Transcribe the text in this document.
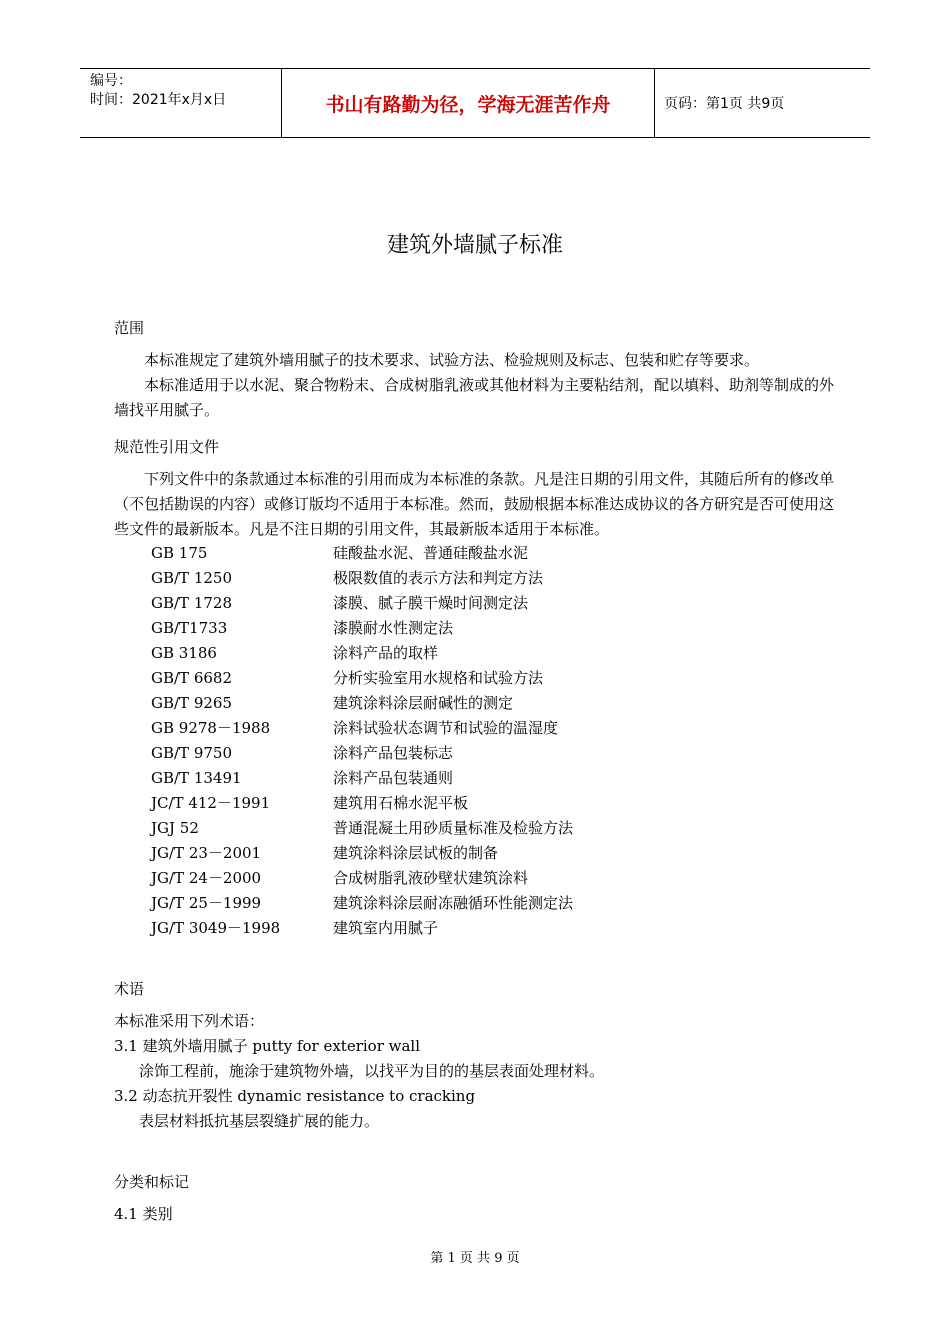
编号：
时间：2021年x月x日	书山有路勤为径，学海无涯苦作舟	页码：第1页 共9页
建筑外墙腻子标准
范围
本标准规定了建筑外墙用腻子的技术要求、试验方法、检验规则及标志、包装和贮存等要求。
本标准适用于以水泥、聚合物粉末、合成树脂乳液或其他材料为主要粘结剂，配以填料、助剂等制成的外墙找平用腻子。
规范性引用文件
下列文件中的条款通过本标准的引用而成为本标准的条款。凡是注日期的引用文件，其随后所有的修改单（不包括勘误的内容）或修订版均不适用于本标准。然而，鼓励根据本标准达成协议的各方研究是否可使用这些文件的最新版本。凡是不注日期的引用文件，其最新版本适用于本标准。
GB 175	硅酸盐水泥、普通硅酸盐水泥
GB/T 1250	极限数值的表示方法和判定方法
GB/T 1728	漆膜、腻子膜干燥时间测定法
GB/T1733	漆膜耐水性测定法
GB 3186	涂料产品的取样
GB/T 6682	分析实验室用水规格和试验方法
GB/T 9265	建筑涂料涂层耐碱性的测定
GB 9278－1988	涂料试验状态调节和试验的温湿度
GB/T 9750	涂料产品包装标志
GB/T 13491	涂料产品包装通则
JC/T 412－1991	建筑用石棉水泥平板
JGJ 52	普通混凝土用砂质量标准及检验方法
JG/T 23－2001	建筑涂料涂层试板的制备
JG/T 24－2000	合成树脂乳液砂壁状建筑涂料
JG/T 25－1999	建筑涂料涂层耐冻融循环性能测定法
JG/T 3049－1998	建筑室内用腻子
术语
本标准采用下列术语：
3.1 建筑外墙用腻子 putty for exterior wall
涂饰工程前，施涂于建筑物外墙，以找平为目的的基层表面处理材料。
3.2 动态抗开裂性 dynamic resistance to cracking
表层材料抵抗基层裂缝扩展的能力。
分类和标记
4.1 类别
第 1 页 共 9 页
